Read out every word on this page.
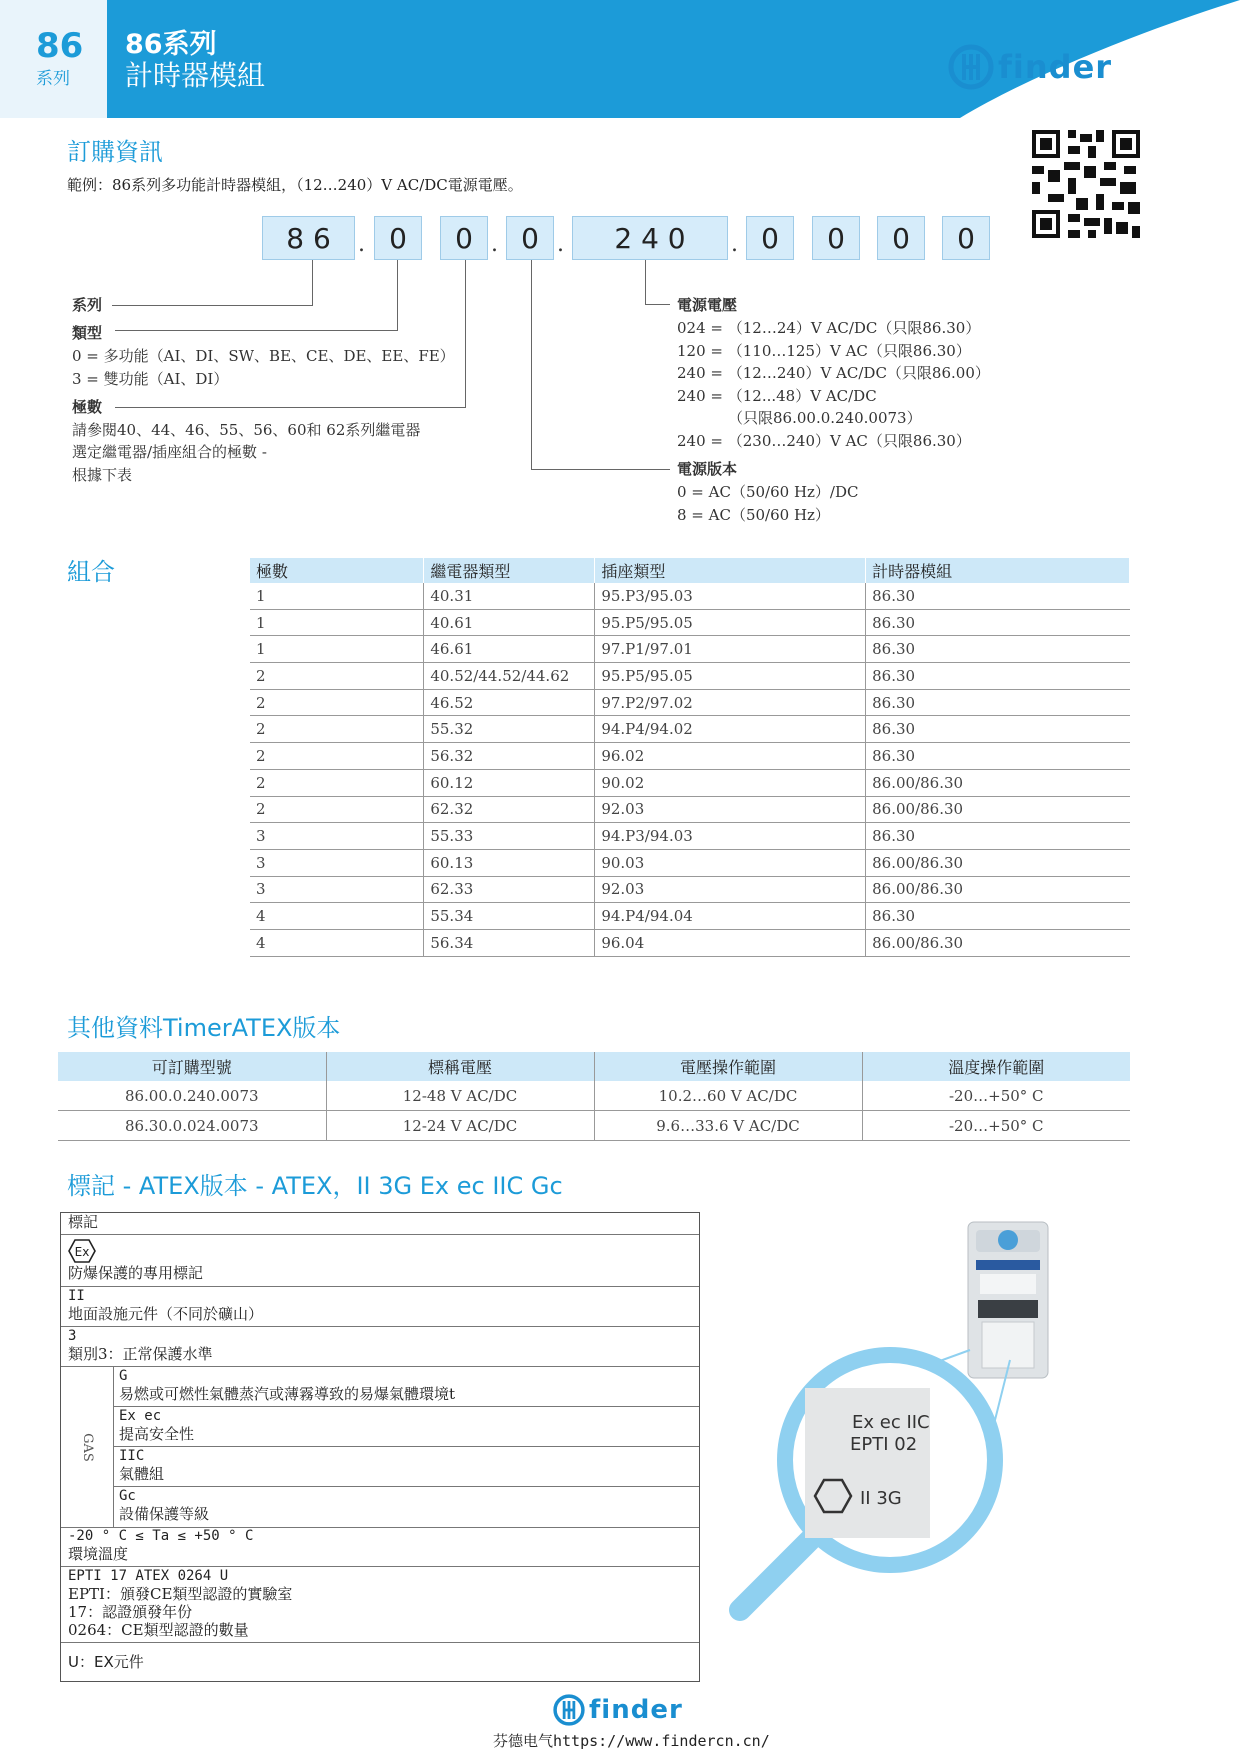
86
系列
86系列
計時器模組	finder
訂購資訊
範例：86系列多功能計時器模組，（12…240）V AC/DC電源電壓。
8 6 . 0 0 . 0 . 2 4 0 . 0 0 0 0
系列
類型
0 = 多功能（AI、DI、SW、BE、CE、DE、EE、FE）
3 = 雙功能（AI、DI）
極數
請參閱40、44、46、55、56、60和 62系列繼電器
選定繼電器/插座組合的極數 -
根據下表
電源電壓
024 = （12…24）V AC/DC（只限86.30）
120 = （110…125）V AC（只限86.30）
240 = （12…240）V AC/DC（只限86.00）
240 = （12...48）V AC/DC
（只限86.00.0.240.0073）
240 = （230…240）V AC（只限86.30）
電源版本
0 = AC（50/60 Hz）/DC
8 = AC（50/60 Hz）
組合	極數	繼電器類型	插座類型	計時器模組
1	40.31	95.P3/95.03	86.30
1	40.61	95.P5/95.05	86.30
1	46.61	97.P1/97.01	86.30
2	40.52/44.52/44.62	95.P5/95.05	86.30
2	46.52	97.P2/97.02	86.30
2	55.32	94.P4/94.02	86.30
2	56.32	96.02	86.30
2	60.12	90.02	86.00/86.30
2	62.32	92.03	86.00/86.30
3	55.33	94.P3/94.03	86.30
3	60.13	90.03	86.00/86.30
3	62.33	92.03	86.00/86.30
4	55.34	94.P4/94.04	86.30
4	56.34	96.04	86.00/86.30
其他資料TimerATEX版本
可訂購型號	標稱電壓	電壓操作範圍	溫度操作範圍
86.00.0.240.0073	12-48 V AC/DC	10.2…60 V AC/DC	-20…+50° C
86.30.0.024.0073	12-24 V AC/DC	9.6…33.6 V AC/DC	-20…+50° C
標記 - ATEX版本 - ATEX，II 3G Ex ec IIC Gc
標記
Ex
防爆保護的專用標記
II
地面設施元件（不同於礦山）
3
類別3：正常保護水準
GAS
G
易燃或可燃性氣體蒸汽或薄霧導致的易爆氣體環境t
Ex ec
提高安全性
IIC
氣體組
Gc
設備保護等級
-20 ° C ≤ Ta ≤ +50 ° C
環境溫度
EPTI 17 ATEX 0264 U
EPTI：頒發CE類型認證的實驗室
17：認證頒發年份
0264：CE類型認證的數量
U：EX元件
Ex ec IIC
EPTI 02
II 3G
finder
芬德电气https://www.findercn.cn/
